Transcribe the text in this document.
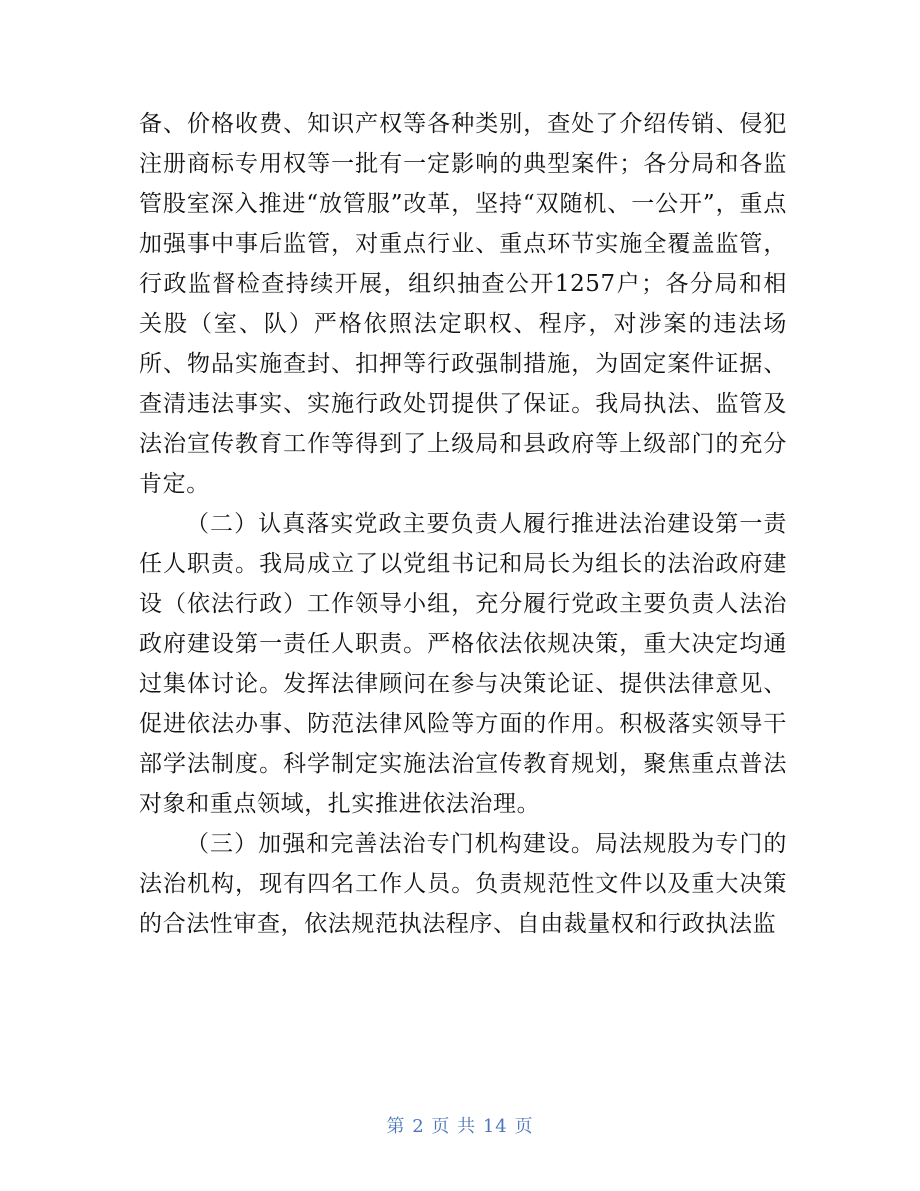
备、价格收费、知识产权等各种类别，查处了介绍传销、侵犯注册商标专用权等一批有一定影响的典型案件；各分局和各监管股室深入推进“放管服”改革，坚持“双随机、一公开”，重点加强事中事后监管，对重点行业、重点环节实施全覆盖监管，行政监督检查持续开展，组织抽查公开1257户；各分局和相关股（室、队）严格依照法定职权、程序，对涉案的违法场所、物品实施查封、扣押等行政强制措施，为固定案件证据、查清违法事实、实施行政处罚提供了保证。我局执法、监管及法治宣传教育工作等得到了上级局和县政府等上级部门的充分肯定。

（二）认真落实党政主要负责人履行推进法治建设第一责任人职责。我局成立了以党组书记和局长为组长的法治政府建设（依法行政）工作领导小组，充分履行党政主要负责人法治政府建设第一责任人职责。严格依法依规决策，重大决定均通过集体讨论。发挥法律顾问在参与决策论证、提供法律意见、促进依法办事、防范法律风险等方面的作用。积极落实领导干部学法制度。科学制定实施法治宣传教育规划，聚焦重点普法对象和重点领域，扎实推进依法治理。

（三）加强和完善法治专门机构建设。局法规股为专门的法治机构，现有四名工作人员。负责规范性文件以及重大决策的合法性审查，依法规范执法程序、自由裁量权和行政执法监

第 2 页 共 14 页
